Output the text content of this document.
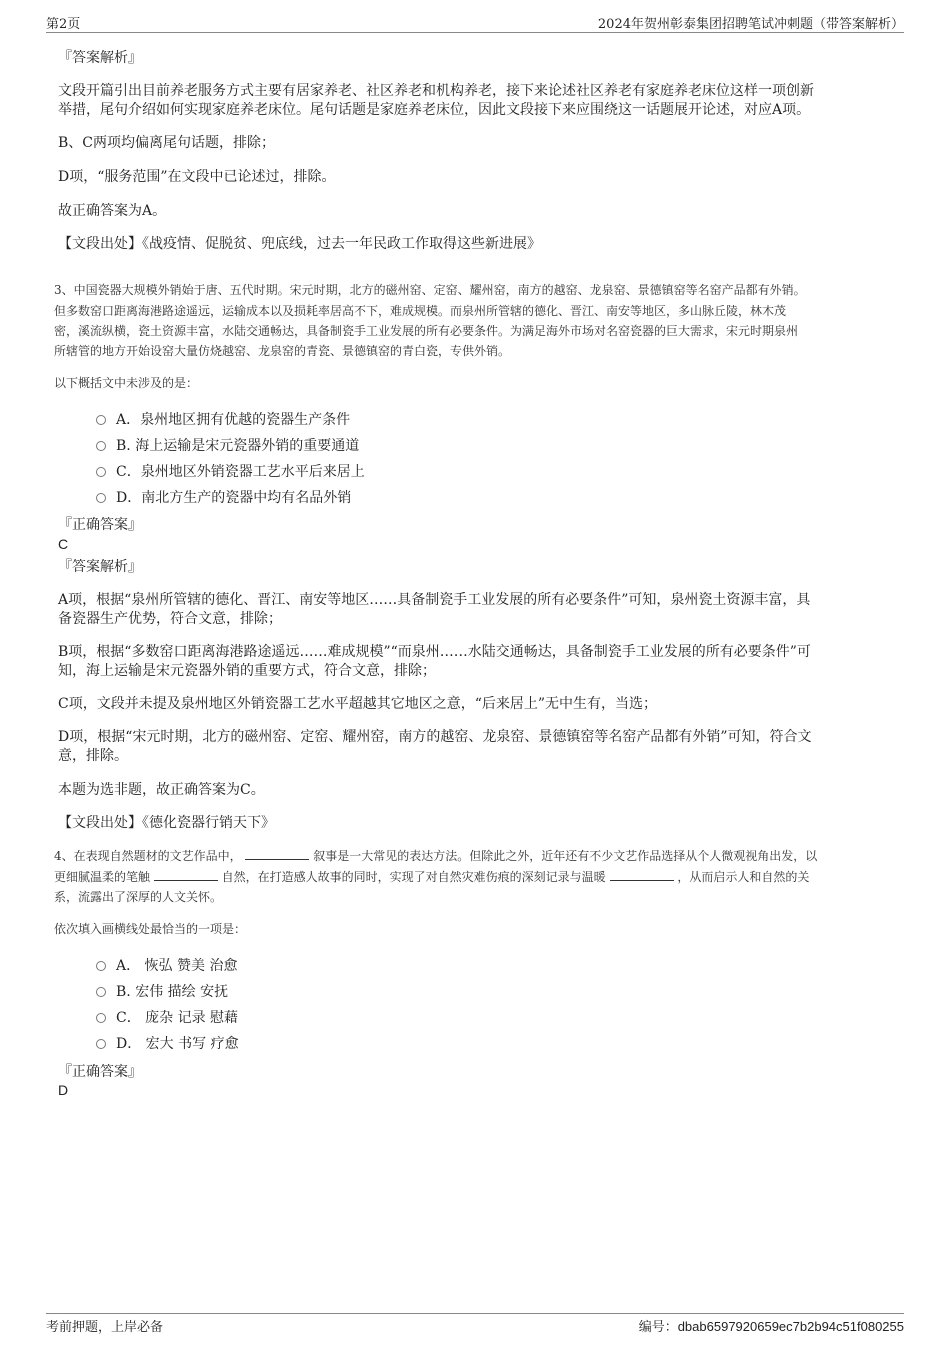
第2页	2024年贺州彰泰集团招聘笔试冲刺题（带答案解析）
『答案解析』
文段开篇引出目前养老服务方式主要有居家养老、社区养老和机构养老，接下来论述社区养老有家庭养老床位这样一项创新
举措，尾句介绍如何实现家庭养老床位。尾句话题是家庭养老床位，因此文段接下来应围绕这一话题展开论述，对应A项。
B、C两项均偏离尾句话题，排除；
D项，“服务范围”在文段中已论述过，排除。
故正确答案为A。
【文段出处】《战疫情、促脱贫、兜底线，过去一年民政工作取得这些新进展》
3、中国瓷器大规模外销始于唐、五代时期。宋元时期，北方的磁州窑、定窑、耀州窑，南方的越窑、龙泉窑、景德镇窑等名窑产品都有外销。
但多数窑口距离海港路途遥远，运输成本以及损耗率居高不下，难成规模。而泉州所管辖的德化、晋江、南安等地区，多山脉丘陵，林木茂
密，溪流纵横，瓷土资源丰富，水陆交通畅达，具备制瓷手工业发展的所有必要条件。为满足海外市场对名窑瓷器的巨大需求，宋元时期泉州
所辖管的地方开始设窑大量仿烧越窑、龙泉窑的青瓷、景德镇窑的青白瓷，专供外销。
以下概括文中未涉及的是：
A．泉州地区拥有优越的瓷器生产条件
B. 海上运输是宋元瓷器外销的重要通道
C．泉州地区外销瓷器工艺水平后来居上
D．南北方生产的瓷器中均有名品外销
『正确答案』
C
『答案解析』
A项，根据“泉州所管辖的德化、晋江、南安等地区……具备制瓷手工业发展的所有必要条件”可知，泉州瓷土资源丰富，具
备瓷器生产优势，符合文意，排除；
B项，根据“多数窑口距离海港路途遥远……难成规模”“而泉州……水陆交通畅达，具备制瓷手工业发展的所有必要条件”可
知，海上运输是宋元瓷器外销的重要方式，符合文意，排除；
C项，文段并未提及泉州地区外销瓷器工艺水平超越其它地区之意，“后来居上”无中生有，当选；
D项，根据“宋元时期，北方的磁州窑、定窑、耀州窑，南方的越窑、龙泉窑、景德镇窑等名窑产品都有外销”可知，符合文
意，排除。
本题为选非题，故正确答案为C。
【文段出处】《德化瓷器行销天下》
4、在表现自然题材的文艺作品中，	叙事是一大常见的表达方法。但除此之外，近年还有不少文艺作品选择从个人微观视角出发，以
更细腻温柔的笔触	自然，在打造感人故事的同时，实现了对自然灾难伤痕的深刻记录与温暖	，从而启示人和自然的关
系，流露出了深厚的人文关怀。
依次填入画横线处最恰当的一项是：
A． 恢弘 赞美 治愈
B. 宏伟 描绘 安抚
C． 庞杂 记录 慰藉
D． 宏大 书写 疗愈
『正确答案』
D
考前押题，上岸必备	编号：dbab6597920659ec7b2b94c51f080255
